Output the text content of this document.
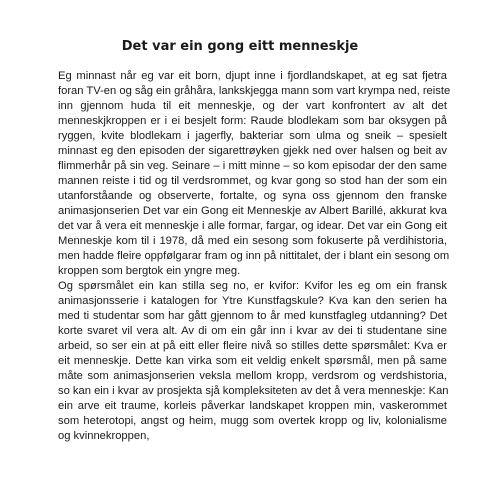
Det var ein gong eitt menneskje
Eg minnast når eg var eit born, djupt inne i fjordlandskapet, at eg sat fjetra
foran TV-en og såg ein gråhåra, lankskjegga mann som vart krympa ned, reiste
inn gjennom huda til eit menneskje, og der vart konfrontert av alt det
menneskjkroppen er i ei besjelt form: Raude blodlekam som bar oksygen på
ryggen, kvite blodlekam i jagerfly, bakteriar som ulma og sneik – spesielt
minnast eg den episoden der sigarettrøyken gjekk ned over halsen og beit av
flimmerhår på sin veg. Seinare – i mitt minne – so kom episodar der den same
mannen reiste i tid og til verdsrommet, og kvar gong so stod han der som ein
utanforståande og observerte, fortalte, og syna oss gjennom den franske
animasjonserien Det var ein Gong eit Menneskje av Albert Barillé, akkurat kva
det var å vera eit menneskje i alle formar, fargar, og idear. Det var ein Gong eit
Menneskje kom til i 1978, då med ein sesong som fokuserte på verdihistoria,
men hadde fleire oppfølgarar fram og inn på nittitalet, der i blant ein sesong om
kroppen som bergtok ein yngre meg.
Og spørsmålet ein kan stilla seg no, er kvifor: Kvifor les eg om ein fransk
animasjonsserie i katalogen for Ytre Kunstfagskule? Kva kan den serien ha
med ti studentar som har gått gjennom to år med kunstfagleg utdanning? Det
korte svaret vil vera alt. Av di om ein går inn i kvar av dei ti studentane sine
arbeid, so ser ein at på eitt eller fleire nivå so stilles dette spørsmålet: Kva er
eit menneskje. Dette kan virka som eit veldig enkelt spørsmål, men på same
måte som animasjonserien veksla mellom kropp, verdsrom og verdshistoria,
so kan ein i kvar av prosjekta sjå kompleksiteten av det å vera menneskje: Kan
ein arve eit traume, korleis påverkar landskapet kroppen min, vaskerommet
som heterotopi, angst og heim, mugg som overtek kropp og liv, kolonialisme
og kvinnekroppen,
